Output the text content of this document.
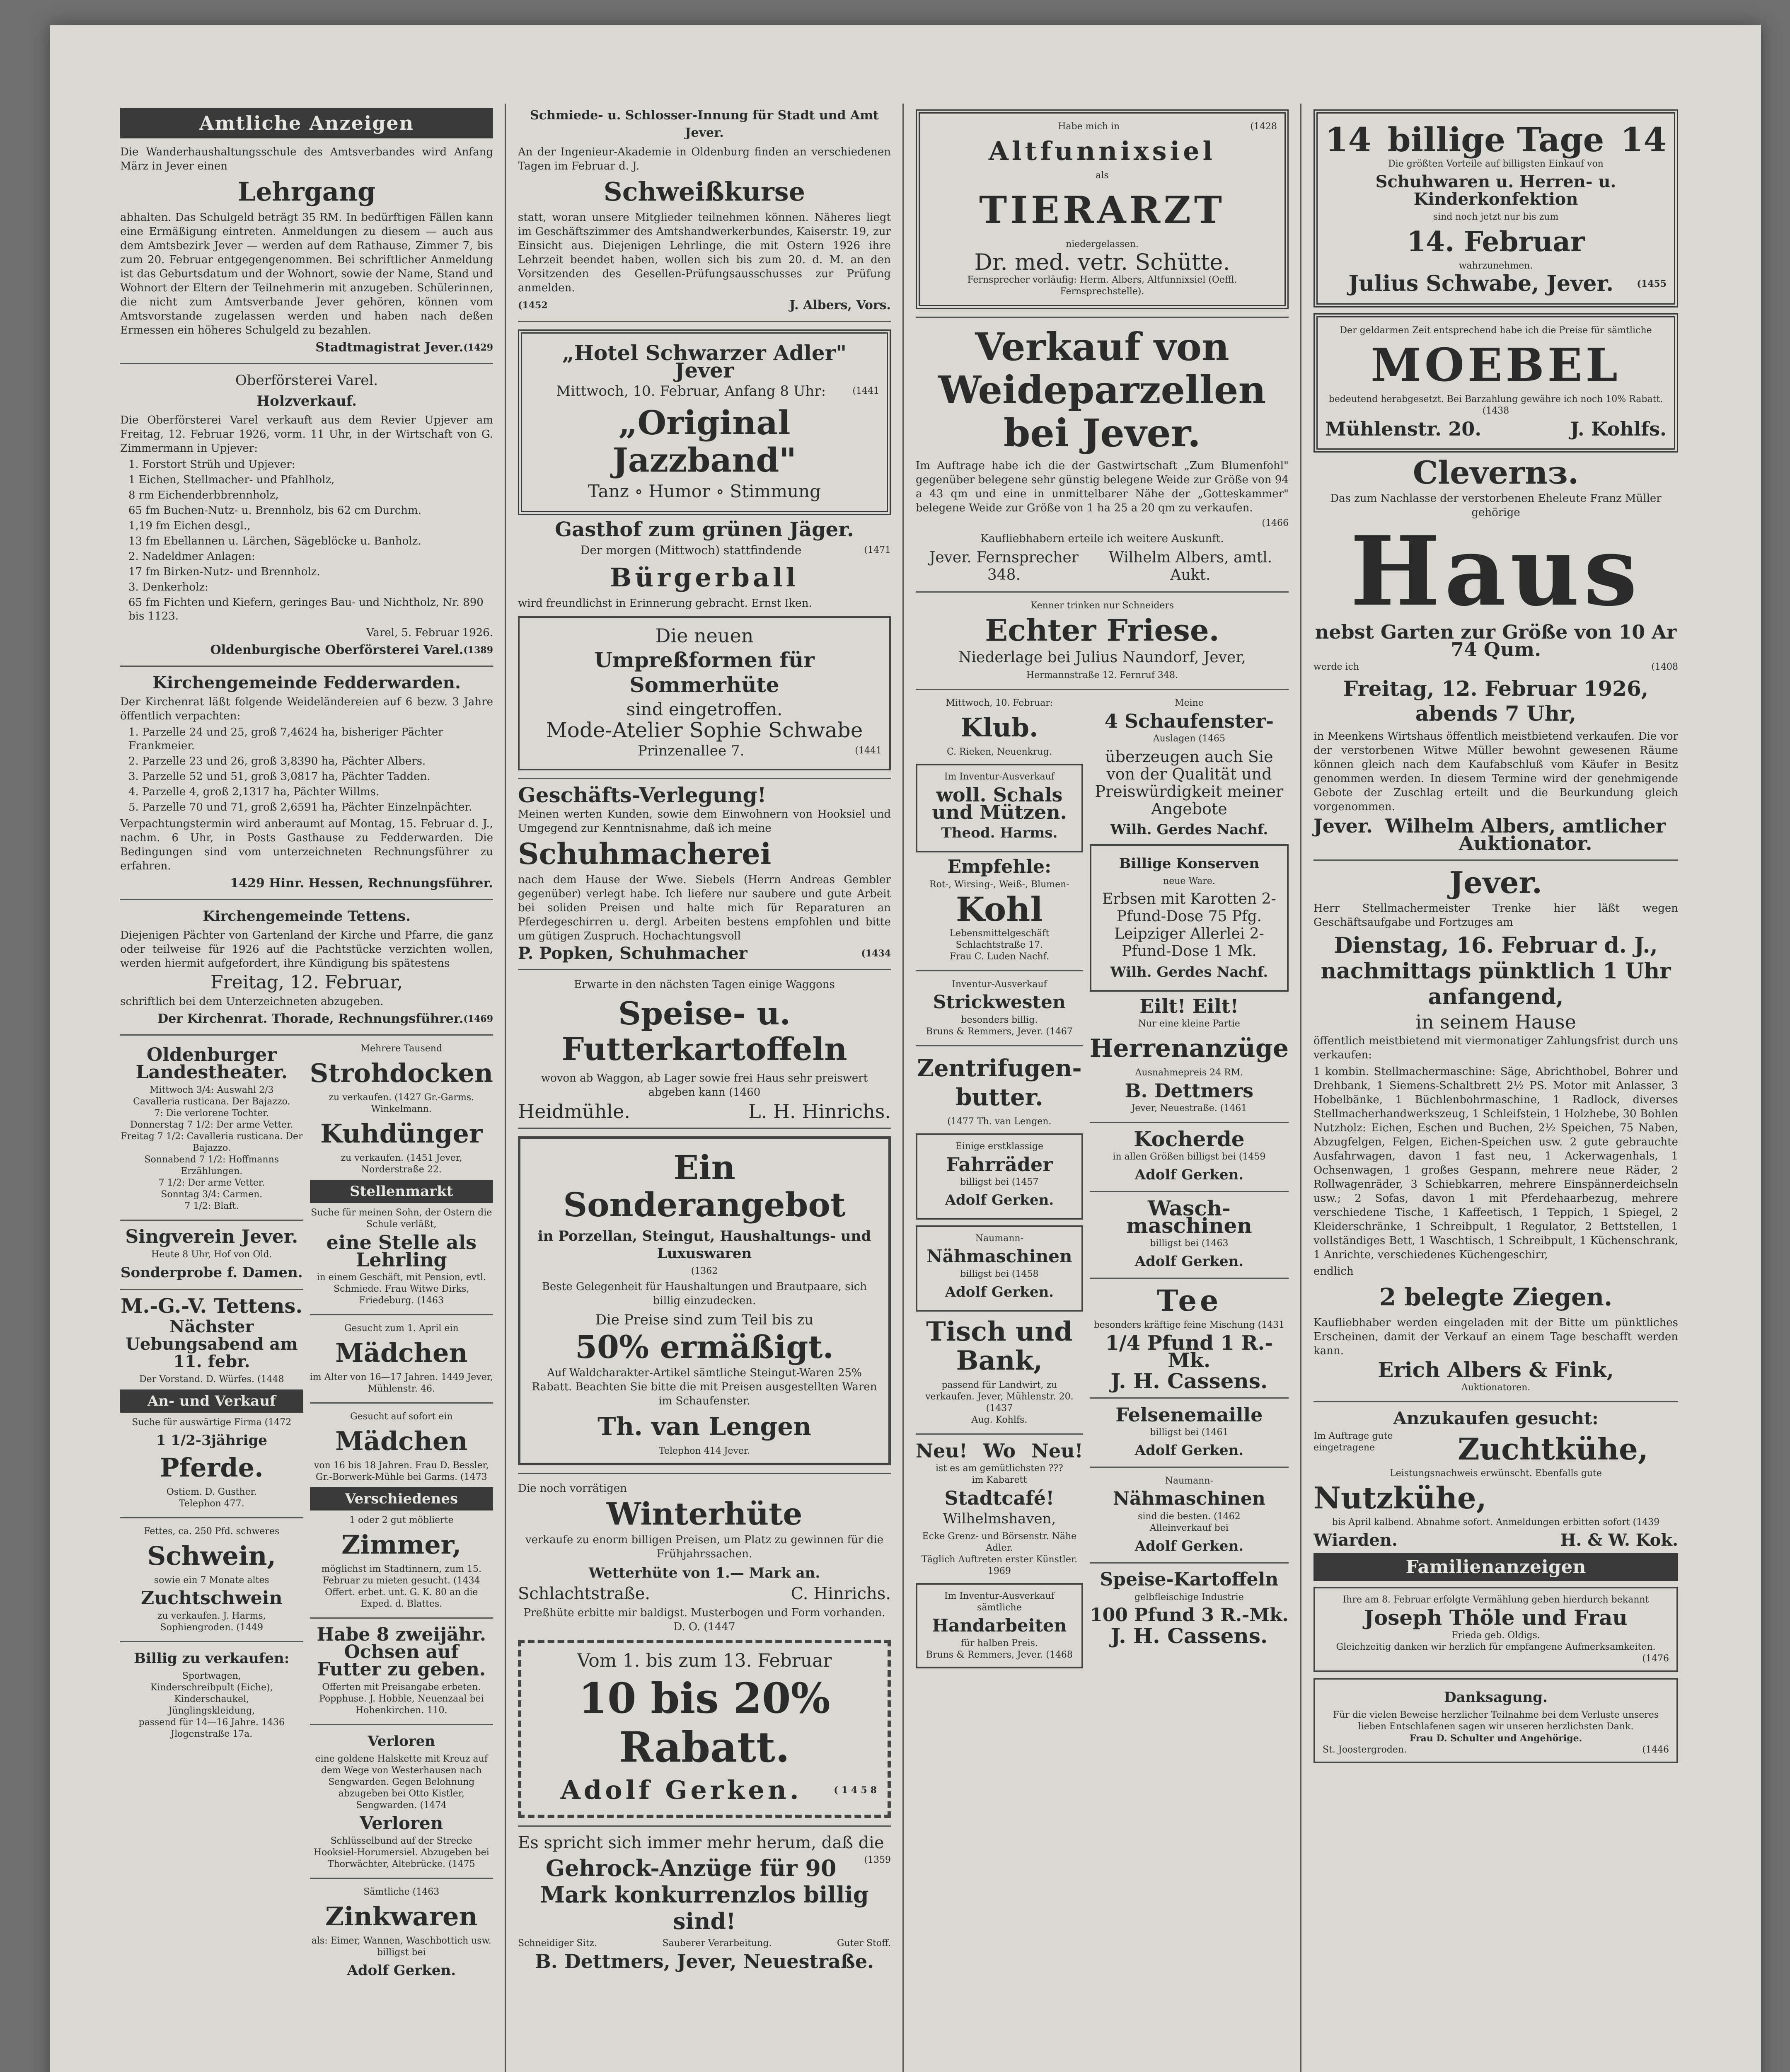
Amtliche Anzeigen
Die Wanderhaushaltungsschule des Amtsverbandes wird Anfang März in Jever einen
Lehrgang
abhalten. Das Schulgeld beträgt 35 RM. In bedürftigen Fällen kann eine Ermäßigung eintreten. Anmeldungen zu diesem — auch aus dem Amtsbezirk Jever — werden auf dem Rathause, Zimmer 7, bis zum 20. Februar entgegengenommen. Bei schriftlicher Anmeldung ist das Geburtsdatum und der Wohnort, sowie der Name, Stand und Wohnort der Eltern der Teilnehmerin mit anzugeben. Schülerinnen, die nicht zum Amtsverbande Jever gehören, können vom Amtsvorstande zugelassen werden und haben nach deßen Ermessen ein höheres Schulgeld zu bezahlen.
Stadtmagistrat Jever. (1429
Oberförsterei Varel.
Holzverkauf.
Die Oberförsterei Varel verkauft aus dem Revier Upjever am Freitag, 12. Februar 1926, vorm. 11 Uhr, in der Wirtschaft von G. Zimmermann in Upjever:
1. Forstort Strüh und Upjever:
1 Eichen, Stellmacher- und Pfahlholz,
8 rm Eichenderbbrennholz,
65 fm Buchen-Nutz- u. Brennholz, bis 62 cm Durchm.
1,19 fm Eichen desgl.,
13 fm Ebellannen u. Lärchen, Sägeblöcke u. Banholz.
2. Nadeldmer Anlagen:
17 fm Birken-Nutz- und Brennholz.
3. Denkerholz:
65 fm Fichten und Kiefern, geringes Bau- und Nichtholz, Nr. 890 bis 1123.
Varel, 5. Februar 1926.
Oldenburgische Oberförsterei Varel. (1389
Kirchengemeinde Fedderwarden.
Der Kirchenrat läßt folgende Weideländereien auf 6 bezw. 3 Jahre öffentlich verpachten:
1. Parzelle 24 und 25, groß 7,4624 ha, bisheriger Pächter Frankmeier.
2. Parzelle 23 und 26, groß 3,8390 ha, Pächter Albers.
3. Parzelle 52 und 51, groß 3,0817 ha, Pächter Tadden.
4. Parzelle 4, groß 2,1317 ha, Pächter Willms.
5. Parzelle 70 und 71, groß 2,6591 ha, Pächter Einzelnpächter.
Verpachtungstermin wird anberaumt auf Montag, 15. Februar d. J., nachm. 6 Uhr, in Posts Gasthause zu Fedderwarden. Die Bedingungen sind vom unterzeichneten Rechnungsführer zu erfahren.
1429 Hinr. Hessen, Rechnungsführer.
Kirchengemeinde Tettens.
Diejenigen Pächter von Gartenland der Kirche und Pfarre, die ganz oder teilweise für 1926 auf die Pachtstücke verzichten wollen, werden hiermit aufgefordert, ihre Kündigung bis spätestens
Freitag, 12. Februar,
schriftlich bei dem Unterzeichneten abzugeben.
Der Kirchenrat. Thorade, Rechnungsführer. (1469
Oldenburger Landestheater.
Mittwoch 3/4: Auswahl 2/3
Cavalleria rusticana. Der Bajazzo.
7: Die verlorene Tochter.
Donnerstag 7 1/2: Der arme Vetter.
Freitag 7 1/2: Cavalleria rusticana. Der Bajazzo.
Sonnabend 7 1/2: Hoffmanns Erzählungen.
7 1/2: Der arme Vetter.
Sonntag 3/4: Carmen.
7 1/2: Blaft.
Singverein Jever.
Heute 8 Uhr, Hof von Old.
Sonderprobe f. Damen.
M.-G.-V. Tettens.
Nächster Uebungsabend am 11. febr.
Der Vorstand. D. Würfes. (1448
An- und Verkauf
Suche für auswärtige Firma (1472
1 1/2-3jährige
Pferde.
Ostiem. D. Gusther.
Telephon 477.
Fettes, ca. 250 Pfd. schweres
Schwein,
sowie ein 7 Monate altes
Zuchtschwein
zu verkaufen. J. Harms, Sophiengroden. (1449
Billig zu verkaufen:
Sportwagen,
Kinderschreibpult (Eiche),
Kinderschaukel,
Jünglingskleidung,
passend für 14—16 Jahre. 1436 Jlogenstraße 17a.
Mehrere Tausend
Strohdocken
zu verkaufen. (1427 Gr.-Garms. Winkelmann.
Kuhdünger
zu verkaufen. (1451 Jever, Norderstraße 22.
Stellenmarkt
Suche für meinen Sohn, der Ostern die Schule verläßt,
eine Stelle als Lehrling
in einem Geschäft, mit Pension, evtl. Schmiede. Frau Witwe Dirks, Friedeburg. (1463
Gesucht zum 1. April ein
Mädchen
im Alter von 16—17 Jahren. 1449 Jever, Mühlenstr. 46.
Gesucht auf sofort ein
Mädchen
von 16 bis 18 Jahren. Frau D. Bessler, Gr.-Borwerk-Mühle bei Garms. (1473
Verschiedenes
1 oder 2 gut möblierte
Zimmer,
möglichst im Stadtinnern, zum 15. Februar zu mieten gesucht. (1434 Offert. erbet. unt. G. K. 80 an die Exped. d. Blattes.
Habe 8 zweijähr. Ochsen auf Futter zu geben.
Offerten mit Preisangabe erbeten. Popphuse. J. Hobble, Neuenzaal bei Hohenkirchen. 110.
Verloren
eine goldene Halskette mit Kreuz auf dem Wege von Westerhausen nach Sengwarden. Gegen Belohnung abzugeben bei Otto Kistler, Sengwarden. (1474
Verloren
Schlüsselbund auf der Strecke Hooksiel-Horumersiel. Abzugeben bei Thorwächter, Altebrücke. (1475
Sämtliche (1463
Zinkwaren
als: Eimer, Wannen, Waschbottich usw. billigst bei
Adolf Gerken.
Schmiede- u. Schlosser-Innung für Stadt und Amt Jever.
An der Ingenieur-Akademie in Oldenburg finden an verschiedenen Tagen im Februar d. J.
Schweißkurse
statt, woran unsere Mitglieder teilnehmen können. Näheres liegt im Geschäftszimmer des Amtshandwerkerbundes, Kaiserstr. 19, zur Einsicht aus. Diejenigen Lehrlinge, die mit Ostern 1926 ihre Lehrzeit beendet haben, wollen sich bis zum 20. d. M. an den Vorsitzenden des Gesellen-Prüfungsausschusses zur Prüfung anmelden.
(1452	J. Albers, Vors.
„Hotel Schwarzer Adler" Jever
Mittwoch, 10. Februar, Anfang 8 Uhr:	(1441
„Original Jazzband"
Tanz ∘ Humor ∘ Stimmung
Gasthof zum grünen Jäger.
Der morgen (Mittwoch) stattfindende	(1471
Bürgerball
wird freundlichst in Erinnerung gebracht. Ernst Iken.
Die neuen
Umpreßformen für Sommerhüte
sind eingetroffen.
Mode-Atelier Sophie Schwabe
Prinzenallee 7.	(1441
Geschäfts-Verlegung!
Meinen werten Kunden, sowie dem Einwohnern von Hooksiel und Umgegend zur Kenntnisnahme, daß ich meine
Schuhmacherei
nach dem Hause der Wwe. Siebels (Herrn Andreas Gembler gegenüber) verlegt habe. Ich liefere nur saubere und gute Arbeit bei soliden Preisen und halte mich für Reparaturen an Pferdegeschirren u. dergl. Arbeiten bestens empfohlen und bitte um gütigen Zuspruch. Hochachtungsvoll
P. Popken, Schuhmacher	(1434
Erwarte in den nächsten Tagen einige Waggons
Speise- u. Futterkartoffeln
wovon ab Waggon, ab Lager sowie frei Haus sehr preiswert abgeben kann (1460
Heidmühle.	L. H. Hinrichs.
Ein Sonderangebot
in Porzellan, Steingut, Haushaltungs- und Luxuswaren
(1362
Beste Gelegenheit für Haushaltungen und Brautpaare, sich billig einzudecken.
Die Preise sind zum Teil bis zu
50% ermäßigt.
Auf Waldcharakter-Artikel sämtliche Steingut-Waren 25% Rabatt. Beachten Sie bitte die mit Preisen ausgestellten Waren im Schaufenster.
Th. van Lengen
Telephon 414 Jever.
Die noch vorrätigen
Winterhüte
verkaufe zu enorm billigen Preisen, um Platz zu gewinnen für die Frühjahrssachen.
Wetterhüte von 1.— Mark an.
Schlachtstraße.	C. Hinrichs.
Preßhüte erbitte mir baldigst. Musterbogen und Form vorhanden. D. O. (1447
Vom 1. bis zum 13. Februar
10 bis 20% Rabatt.
Adolf Gerken.	(1458
Es spricht sich immer mehr herum, daß die
(1359
Gehrock-Anzüge für 90 Mark konkurrenzlos billig sind!
Schneidiger Sitz.	Sauberer Verarbeitung.	Guter Stoff.
B. Dettmers, Jever, Neuestraße.
Habe mich in	(1428
Altfunnixsiel
als
TIERARZT
niedergelassen.
Dr. med. vetr. Schütte.
Fernsprecher vorläufig: Herm. Albers, Altfunnixsiel (Oeffl. Fernsprechstelle).
Verkauf von Weideparzellen bei Jever.
Im Auftrage habe ich die der Gastwirtschaft „Zum Blumenfohl" gegenüber belegene sehr günstig belegene Weide zur Größe von 94 a 43 qm und eine in unmittelbarer Nähe der „Gotteskammer" belegene Weide zur Größe von 1 ha 25 a 20 qm zu verkaufen.
(1466
Kaufliebhabern erteile ich weitere Auskunft.
Jever. Fernsprecher 348.
Wilhelm Albers, amtl. Aukt.
Kenner trinken nur Schneiders
Echter Friese.
Niederlage bei Julius Naundorf, Jever,
Hermannstraße 12. Fernruf 348.
Mittwoch, 10. Februar:
Klub.
C. Rieken, Neuenkrug.
Im Inventur-Ausverkauf
woll. Schals und Mützen.
Theod. Harms.
Empfehle:
Rot-, Wirsing-, Weiß-, Blumen-
Kohl
Lebensmittelgeschäft Schlachtstraße 17.
Frau C. Luden Nachf.
Inventur-Ausverkauf
Strickwesten
besonders billig.
Bruns & Remmers, Jever. (1467
Zentrifugen-butter.
(1477 Th. van Lengen.
Einige erstklassige
Fahrräder
billigst bei (1457
Adolf Gerken.
Naumann-
Nähmaschinen
billigst bei (1458
Adolf Gerken.
Tisch und Bank,
passend für Landwirt, zu verkaufen. Jever, Mühlenstr. 20. (1437
Aug. Kohlfs.
Neu! Wo Neu!
ist es am gemütlichsten ???
im Kabarett
Stadtcafé!
Wilhelmshaven,
Ecke Grenz- und Börsenstr. Nähe Adler.
Täglich Auftreten erster Künstler. 1969
Im Inventur-Ausverkauf sämtliche
Handarbeiten
für halben Preis.
Bruns & Remmers, Jever. (1468
Meine
4 Schaufenster-
Auslagen (1465
überzeugen auch Sie von der Qualität und Preiswürdigkeit meiner Angebote
Wilh. Gerdes Nachf.
Billige Konserven
neue Ware.
Erbsen mit Karotten 2-Pfund-Dose 75 Pfg. Leipziger Allerlei 2-Pfund-Dose 1 Mk.
Wilh. Gerdes Nachf.
Eilt! Eilt!
Nur eine kleine Partie
Herrenanzüge
Ausnahmepreis 24 RM.
B. Dettmers
Jever, Neuestraße. (1461
Kocherde
in allen Größen billigst bei (1459
Adolf Gerken.
Wasch-maschinen
billigst bei (1463
Adolf Gerken.
Tee
besonders kräftige feine Mischung (1431
1/4 Pfund 1 R.-Mk.
J. H. Cassens.
Felsenemaille
billigst bei (1461
Adolf Gerken.
Naumann-
Nähmaschinen
sind die besten. (1462
Alleinverkauf bei
Adolf Gerken.
Speise-Kartoffeln
gelbfleischige Industrie
100 Pfund 3 R.-Mk.
J. H. Cassens.
14 billige Tage 14
Die größten Vorteile auf billigsten Einkauf von
Schuhwaren u. Herren- u. Kinderkonfektion
sind noch jetzt nur bis zum
14. Februar
wahrzunehmen.
Julius Schwabe, Jever.	(1455
Der geldarmen Zeit entsprechend habe ich die Preise für sämtliche
MOEBEL
bedeutend herabgesetzt. Bei Barzahlung gewähre ich noch 10% Rabatt. (1438
Mühlenstr. 20.	J. Kohlfs.
Clevernз.
Das zum Nachlasse der verstorbenen Eheleute Franz Müller gehörige
Haus
nebst Garten zur Größe von 10 Ar 74 Qum.
werde ich	(1408
Freitag, 12. Februar 1926, abends 7 Uhr,
in Meenkens Wirtshaus öffentlich meistbietend verkaufen. Die vor der verstorbenen Witwe Müller bewohnt gewesenen Räume können gleich nach dem Kaufabschluß vom Käufer in Besitz genommen werden. In diesem Termine wird der genehmigende Gebote der Zuschlag erteilt und die Beurkundung gleich vorgenommen.
Jever. Wilhelm Albers, amtlicher Auktionator.
Jever.
Herr Stellmachermeister Trenke hier läßt wegen Geschäftsaufgabe und Fortzuges am
Dienstag, 16. Februar d. J., nachmittags pünktlich 1 Uhr anfangend,
in seinem Hause
öffentlich meistbietend mit viermonatiger Zahlungsfrist durch uns verkaufen:
1 kombin. Stellmachermaschine: Säge, Abrichthobel, Bohrer und Drehbank, 1 Siemens-Schaltbrett 2½ PS. Motor mit Anlasser, 3 Hobelbänke, 1 Büchlenbohrmaschine, 1 Radlock, diverses Stellmacherhandwerkszeug, 1 Schleifstein, 1 Holzhebe, 30 Bohlen Nutzholz: Eichen, Eschen und Buchen, 2½ Speichen, 75 Naben, Abzugfelgen, Felgen, Eichen-Speichen usw. 2 gute gebrauchte Ausfahrwagen, davon 1 fast neu, 1 Ackerwagenhals, 1 Ochsenwagen, 1 großes Gespann, mehrere neue Räder, 2 Rollwagenräder, 3 Schiebkarren, mehrere Einspännerdeichseln usw.; 2 Sofas, davon 1 mit Pferdehaarbezug, mehrere verschiedene Tische, 1 Kaffeetisch, 1 Teppich, 1 Spiegel, 2 Kleiderschränke, 1 Schreibpult, 1 Regulator, 2 Bettstellen, 1 vollständiges Bett, 1 Waschtisch, 1 Schreibpult, 1 Küchenschrank, 1 Anrichte, verschiedenes Küchengeschirr,
endlich
2 belegte Ziegen.
Kaufliebhaber werden eingeladen mit der Bitte um pünktliches Erscheinen, damit der Verkauf an einem Tage beschafft werden kann.
Erich Albers & Fink,
Auktionatoren.
Anzukaufen gesucht:
Im Auftrage gute eingetragene	Zuchtkühe,
Leistungsnachweis erwünscht. Ebenfalls gute
Nutzkühe,
bis April kalbend. Abnahme sofort. Anmeldungen erbitten sofort (1439
Wiarden.	H. & W. Kok.
Familienanzeigen
Ihre am 8. Februar erfolgte Vermählung geben hierdurch bekannt
Joseph Thöle und Frau
Frieda geb. Oldigs.
Gleichzeitig danken wir herzlich für empfangene Aufmerksamkeiten.
(1476
Danksagung.
Für die vielen Beweise herzlicher Teilnahme bei dem Verluste unseres lieben Entschlafenen sagen wir unseren herzlichsten Dank.
Frau D. Schulter und Angehörige.
St. Joostergroden.	(1446
